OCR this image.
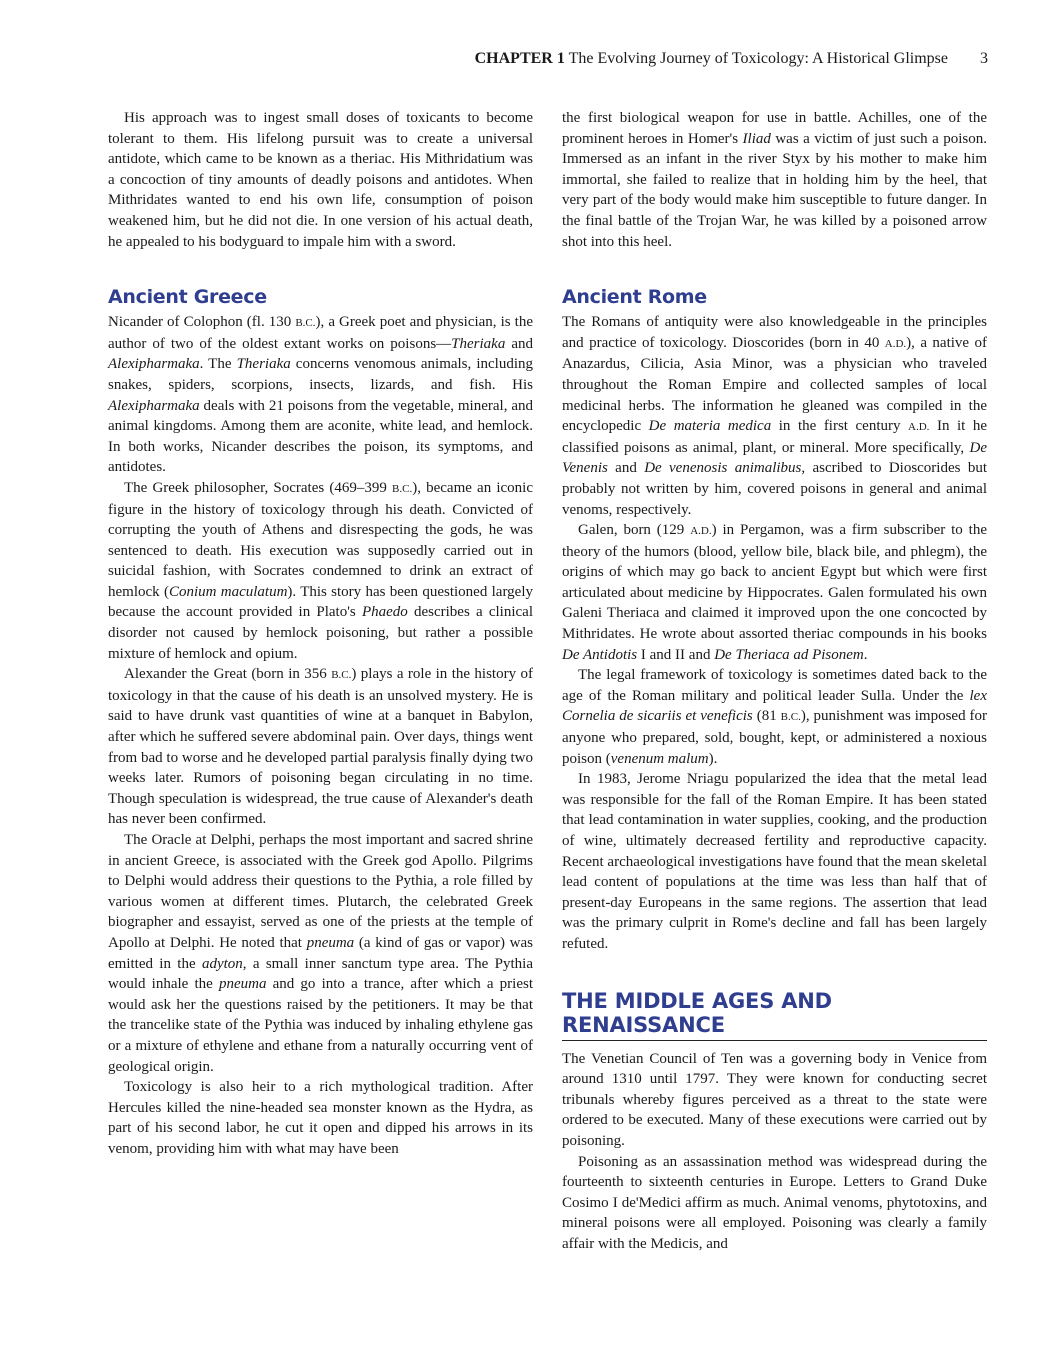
CHAPTER 1 The Evolving Journey of Toxicology: A Historical Glimpse 3

His approach was to ingest small doses of toxicants to become tolerant to them. His lifelong pursuit was to create a universal antidote, which came to be known as a theriac. His Mithridatium was a concoction of tiny amounts of deadly poisons and antidotes. When Mithridates wanted to end his own life, consumption of poison weakened him, but he did not die. In one version of his actual death, he appealed to his bodyguard to impale him with a sword.

Ancient Greece

Nicander of Colophon (fl. 130 B.C.), a Greek poet and physician, is the author of two of the oldest extant works on poisons—Theriaka and Alexipharmaka. The Theriaka concerns venomous animals, including snakes, spiders, scorpions, insects, lizards, and fish. His Alexipharmaka deals with 21 poisons from the vegetable, mineral, and animal kingdoms. Among them are aconite, white lead, and hemlock. In both works, Nicander describes the poison, its symptoms, and antidotes.

The Greek philosopher, Socrates (469–399 B.C.), became an iconic figure in the history of toxicology through his death. Convicted of corrupting the youth of Athens and disrespecting the gods, he was sentenced to death. His execution was supposedly carried out in suicidal fashion, with Socrates condemned to drink an extract of hemlock (Conium maculatum). This story has been questioned largely because the account provided in Plato's Phaedo describes a clinical disorder not caused by hemlock poisoning, but rather a possible mixture of hemlock and opium.

Alexander the Great (born in 356 B.C.) plays a role in the history of toxicology in that the cause of his death is an unsolved mystery. He is said to have drunk vast quantities of wine at a banquet in Babylon, after which he suffered severe abdominal pain. Over days, things went from bad to worse and he developed partial paralysis finally dying two weeks later. Rumors of poisoning began circulating in no time. Though speculation is widespread, the true cause of Alexander's death has never been confirmed.

The Oracle at Delphi, perhaps the most important and sacred shrine in ancient Greece, is associated with the Greek god Apollo. Pilgrims to Delphi would address their questions to the Pythia, a role filled by various women at different times. Plutarch, the celebrated Greek biographer and essayist, served as one of the priests at the temple of Apollo at Delphi. He noted that pneuma (a kind of gas or vapor) was emitted in the adyton, a small inner sanctum type area. The Pythia would inhale the pneuma and go into a trance, after which a priest would ask her the questions raised by the petitioners. It may be that the trancelike state of the Pythia was induced by inhaling ethylene gas or a mixture of ethylene and ethane from a naturally occurring vent of geological origin.

Toxicology is also heir to a rich mythological tradition. After Hercules killed the nine-headed sea monster known as the Hydra, as part of his second labor, he cut it open and dipped his arrows in its venom, providing him with what may have been

the first biological weapon for use in battle. Achilles, one of the prominent heroes in Homer's Iliad was a victim of just such a poison. Immersed as an infant in the river Styx by his mother to make him immortal, she failed to realize that in holding him by the heel, that very part of the body would make him susceptible to future danger. In the final battle of the Trojan War, he was killed by a poisoned arrow shot into this heel.

Ancient Rome

The Romans of antiquity were also knowledgeable in the principles and practice of toxicology. Dioscorides (born in 40 A.D.), a native of Anazardus, Cilicia, Asia Minor, was a physician who traveled throughout the Roman Empire and collected samples of local medicinal herbs. The information he gleaned was compiled in the encyclopedic De materia medica in the first century A.D. In it he classified poisons as animal, plant, or mineral. More specifically, De Venenis and De venenosis animalibus, ascribed to Dioscorides but probably not written by him, covered poisons in general and animal venoms, respectively.

Galen, born (129 A.D.) in Pergamon, was a firm subscriber to the theory of the humors (blood, yellow bile, black bile, and phlegm), the origins of which may go back to ancient Egypt but which were first articulated about medicine by Hippocrates. Galen formulated his own Galeni Theriaca and claimed it improved upon the one concocted by Mithridates. He wrote about assorted theriac compounds in his books De Antidotis I and II and De Theriaca ad Pisonem.

The legal framework of toxicology is sometimes dated back to the age of the Roman military and political leader Sulla. Under the lex Cornelia de sicariis et veneficis (81 B.C.), punishment was imposed for anyone who prepared, sold, bought, kept, or administered a noxious poison (venenum malum).

In 1983, Jerome Nriagu popularized the idea that the metal lead was responsible for the fall of the Roman Empire. It has been stated that lead contamination in water supplies, cooking, and the production of wine, ultimately decreased fertility and reproductive capacity. Recent archaeological investigations have found that the mean skeletal lead content of populations at the time was less than half that of present-day Europeans in the same regions. The assertion that lead was the primary culprit in Rome's decline and fall has been largely refuted.

THE MIDDLE AGES AND RENAISSANCE

The Venetian Council of Ten was a governing body in Venice from around 1310 until 1797. They were known for conducting secret tribunals whereby figures perceived as a threat to the state were ordered to be executed. Many of these executions were carried out by poisoning.

Poisoning as an assassination method was widespread during the fourteenth to sixteenth centuries in Europe. Letters to Grand Duke Cosimo I de'Medici affirm as much. Animal venoms, phytotoxins, and mineral poisons were all employed. Poisoning was clearly a family affair with the Medicis, and
